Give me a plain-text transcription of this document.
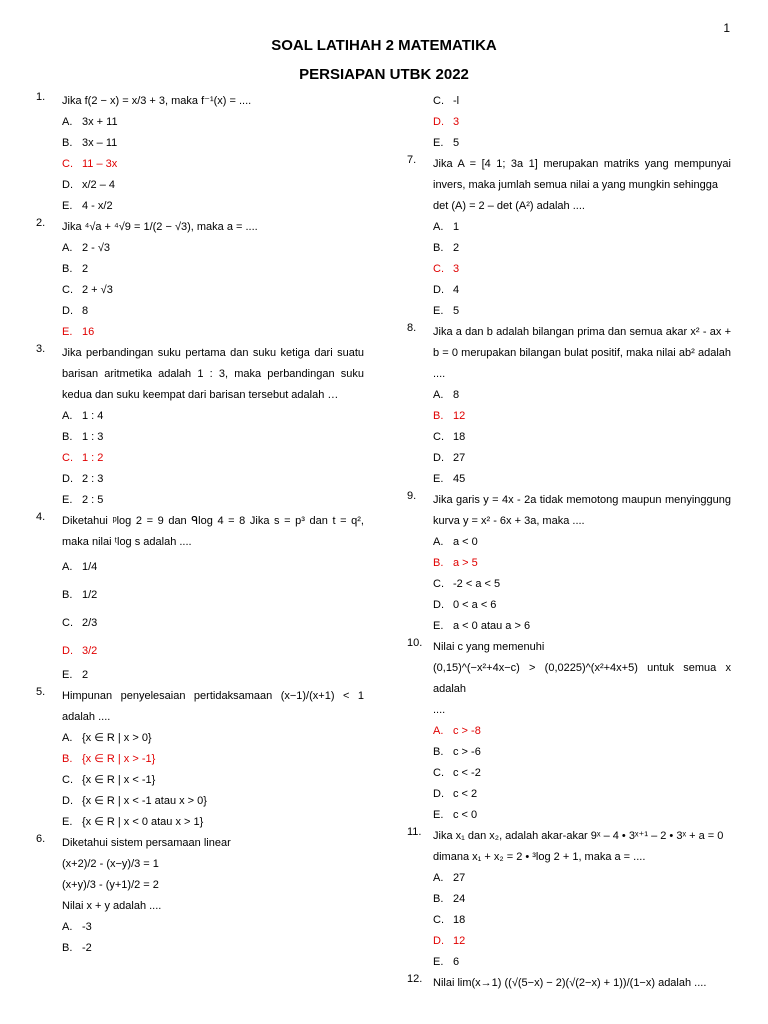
1
SOAL LATIHAH 2 MATEMATIKA
PERSIAPAN UTBK 2022
1. Jika f(2 − x) = x/3 + 3, maka f⁻¹(x) = ....

A. 3x + 11
B. 3x – 11
C. 11 – 3x
D. x/2 – 4
E. 4 - x/2
2. Jika ⁴√a + ⁴√9 = 1/(2 − √3), maka a = ....

A. 2 - √3
B. 2
C. 2 + √3
D. 8
E. 16
3. Jika perbandingan suku pertama dan suku ketiga dari suatu barisan aritmetika adalah 1 : 3, maka perbandingan suku kedua dan suku keempat dari barisan tersebut adalah …

A. 1 : 4
B. 1 : 3
C. 1 : 2
D. 2 : 3
E. 2 : 5
4. Diketahui ᵖlog 2 = 9 dan ᑫlog 4 = 8 Jika s = p³ dan t = q², maka nilai ᵗlog s adalah ....

A. 1/4
B. 1/2
C. 2/3
D. 3/2
E. 2
5. Himpunan penyelesaian pertidaksamaan (x−1)/(x+1) < 1 adalah ....

A. {x ∈ R | x > 0}
B. {x ∈ R | x > -1}
C. {x ∈ R | x < -1}
D. {x ∈ R | x < -1 atau x > 0}
E. {x ∈ R | x < 0 atau x > 1}
6. Diketahui sistem persamaan linear

(x+2)/2 - (x−y)/3 = 1

(x+y)/3 - (y+1)/2 = 2

Nilai x + y adalah ....

A. -3
B. -2
C. -l
D. 3
E. 5
7. Jika A = [4 1; 3a 1] merupakan matriks yang mempunyai invers, maka jumlah semua nilai a yang mungkin sehingga

det (A) = 2 – det (A²) adalah ....

A. 1
B. 2
C. 3
D. 4
E. 5
8. Jika a dan b adalah bilangan prima dan semua akar x² - ax + b = 0 merupakan bilangan bulat positif, maka nilai ab² adalah ....

A. 8
B. 12
C. 18
D. 27
E. 45
9. Jika garis y = 4x - 2a tidak memotong maupun menyinggung kurva y = x² - 6x + 3a, maka ....

A. a < 0
B. a > 5
C. -2 < a < 5
D. 0 < a < 6
E. a < 0 atau a > 6
10. Nilai c yang memenuhi

(0,15)^(−x²+4x−c) > (0,0225)^(x²+4x+5) untuk semua x adalah

....

A. c > -8
B. c > -6
C. c < -2
D. c < 2
E. c < 0
11. Jika x₁ dan x₂, adalah akar-akar 9ˣ – 4 • 3ˣ⁺¹ – 2 • 3ˣ + a = 0

dimana x₁ + x₂ = 2 • ³log 2 + 1, maka a = ....

A. 27
B. 24
C. 18
D. 12
E. 6
12. Nilai lim(x→1) ((√(5−x) − 2)(√(2−x) + 1))/(1−x) adalah ....
